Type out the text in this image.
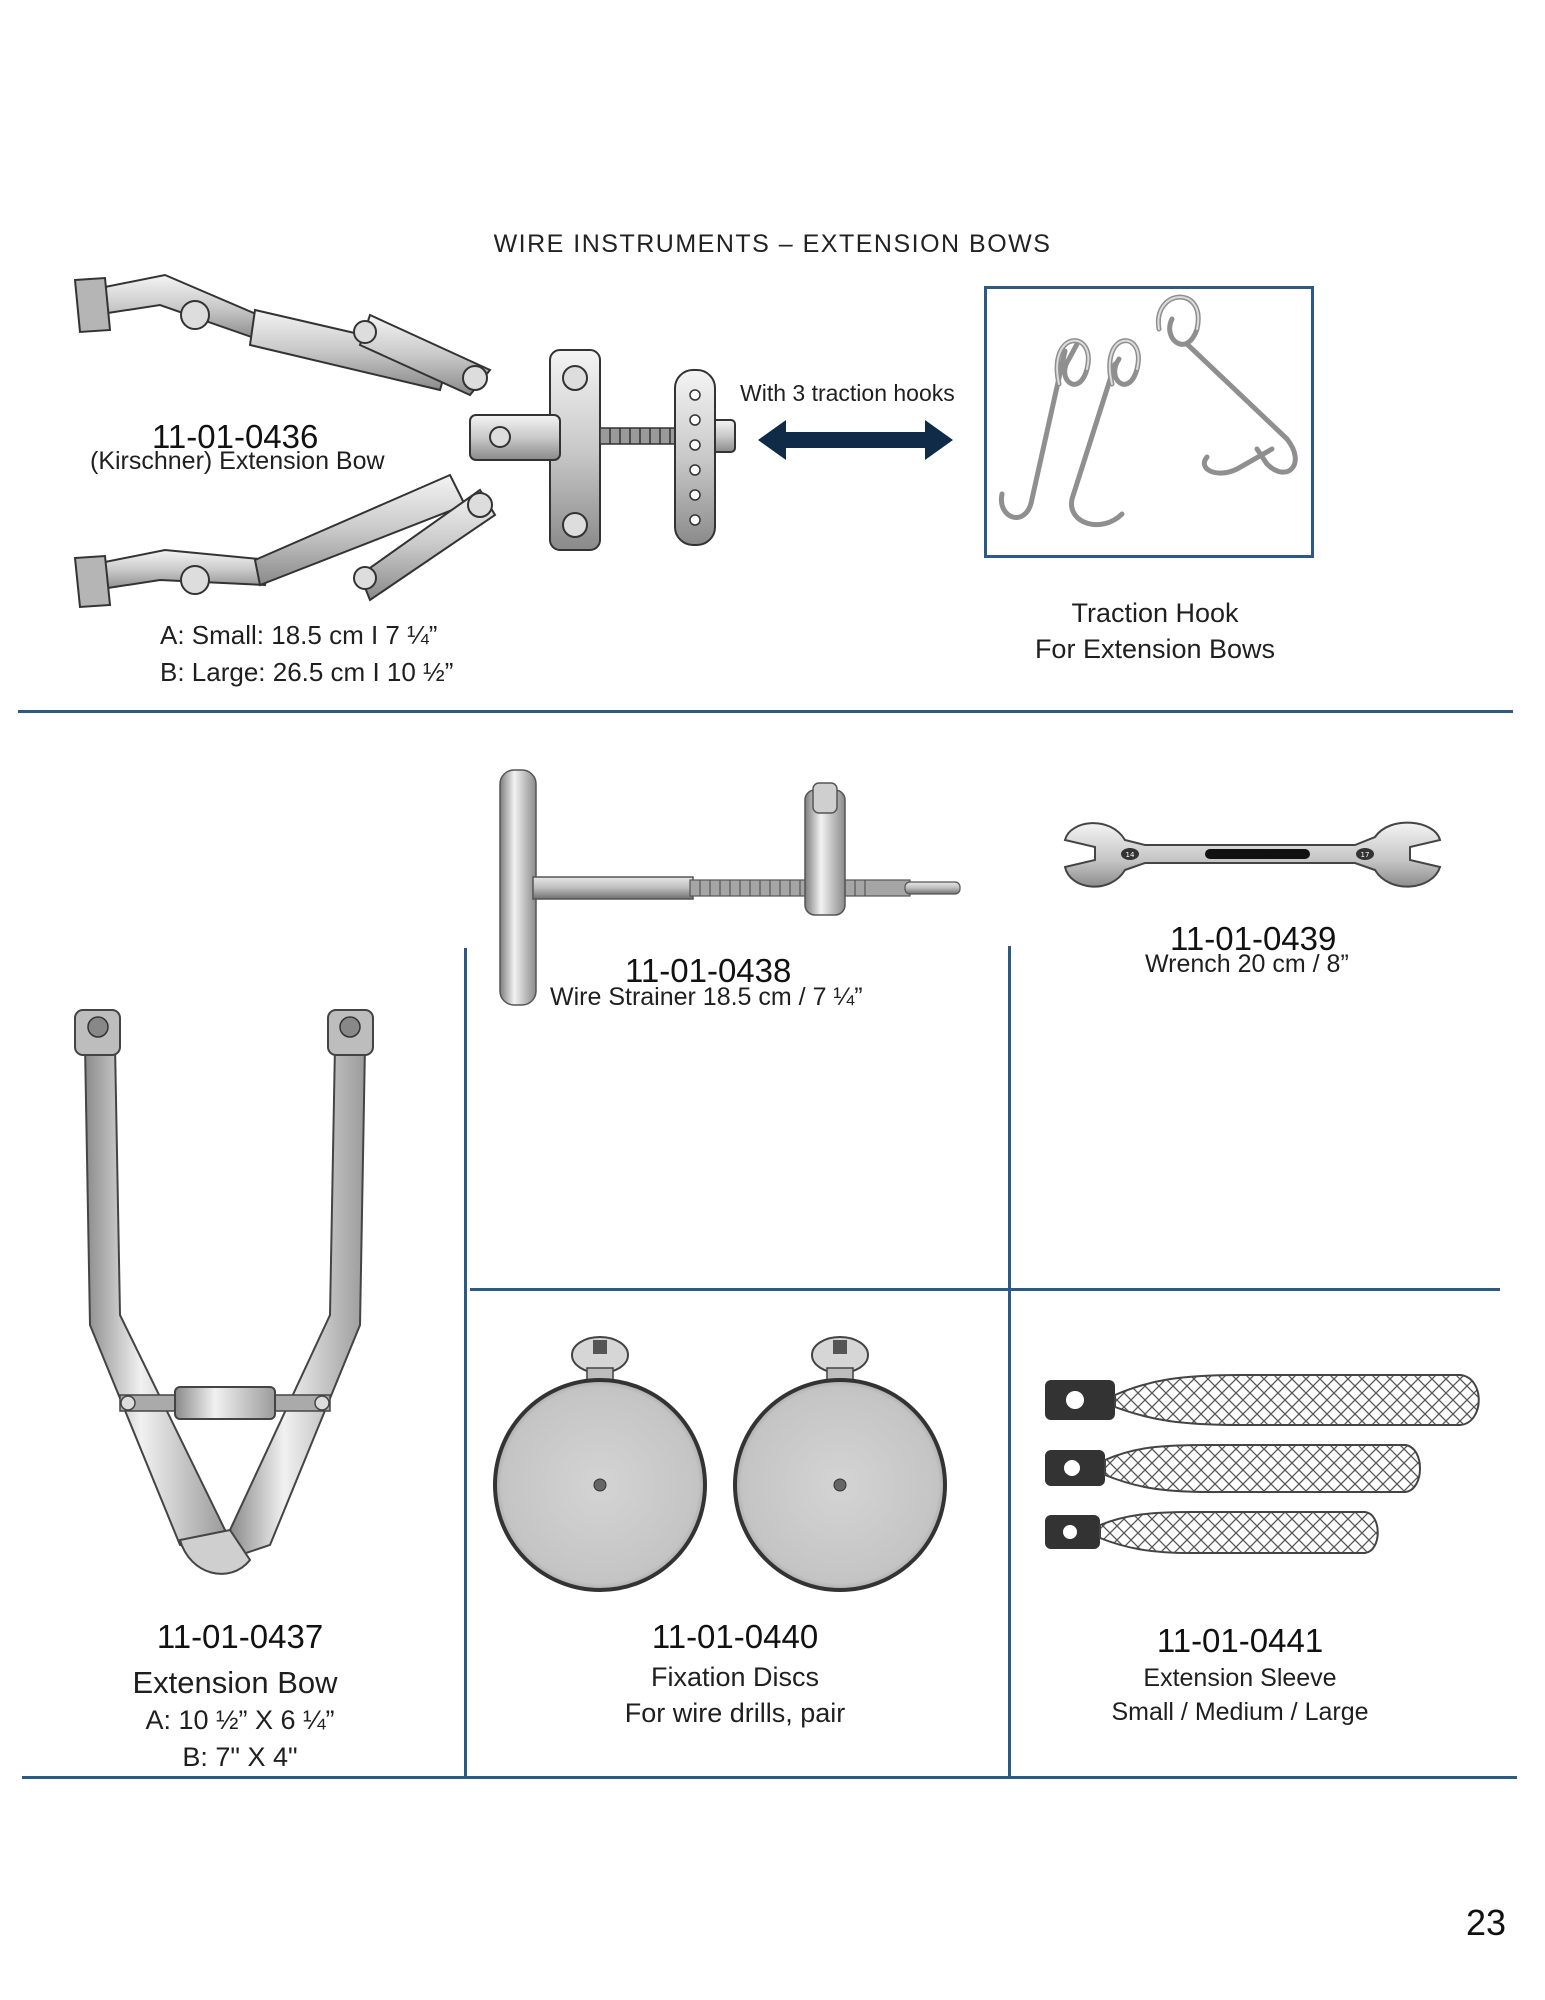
WIRE INSTRUMENTS – EXTENSION BOWS
11-01-0436
(Kirschner) Extension Bow
A: Small: 18.5 cm I 7 ¼”
B: Large: 26.5 cm I 10 ½”
With 3 traction hooks
Traction Hook
For Extension Bows
11-01-0438
Wire Strainer 18.5 cm / 7 ¼”
14	17
11-01-0439
Wrench 20 cm / 8”
11-01-0437
Extension Bow
A: 10 ½” X 6 ¼”
B: 7" X 4"
11-01-0440
Fixation Discs
For wire drills, pair
11-01-0441
Extension Sleeve
Small / Medium / Large
23
